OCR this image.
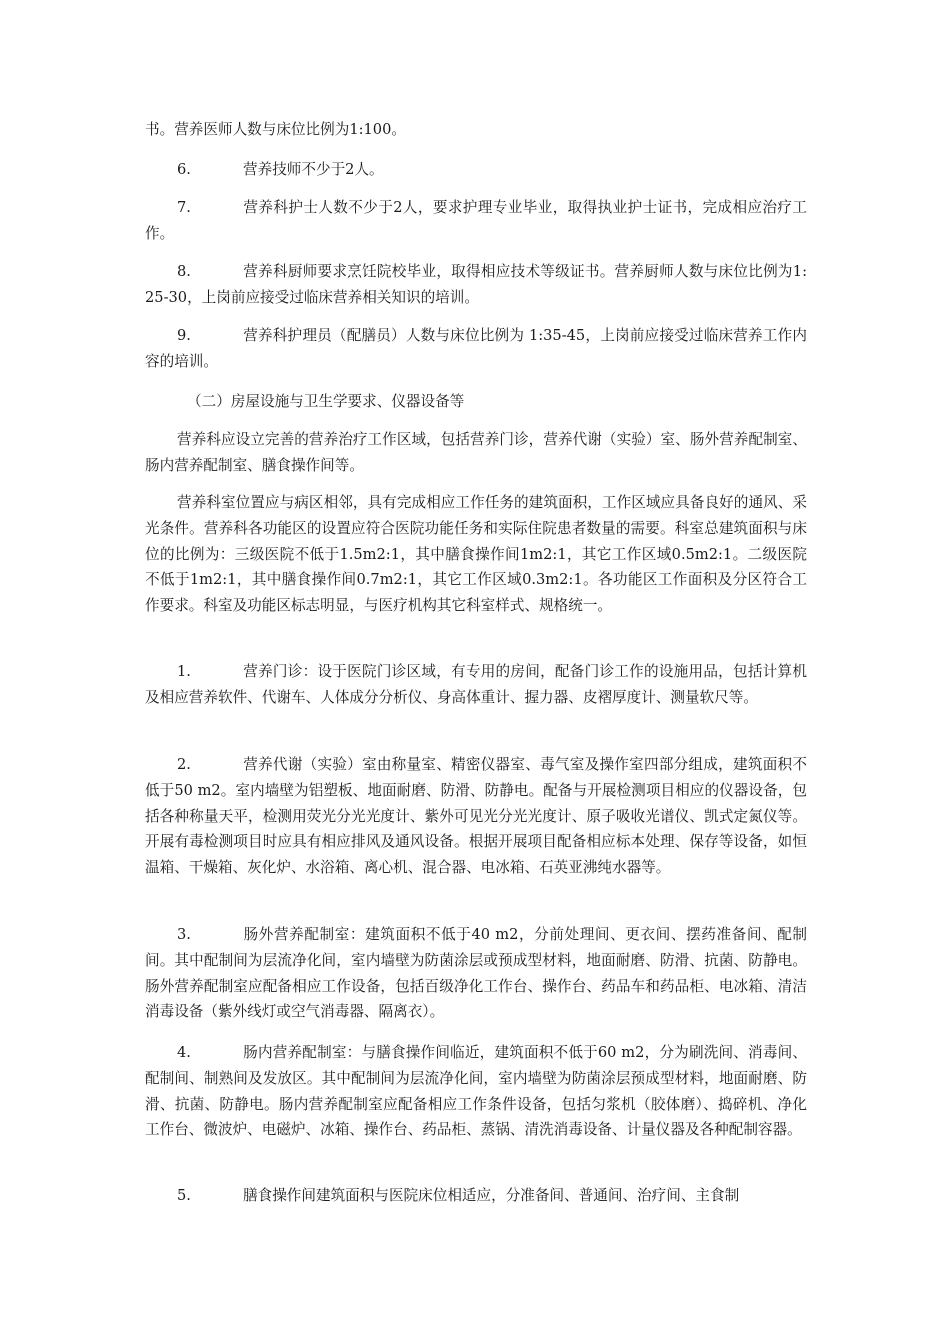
书。营养医师人数与床位比例为1:100。

6.	营养技师不少于2人。

7.	营养科护士人数不少于2人，要求护理专业毕业，取得执业护士证书，完成相应治疗工作。

8.	营养科厨师要求烹饪院校毕业，取得相应技术等级证书。营养厨师人数与床位比例为1: 25-30，上岗前应接受过临床营养相关知识的培训。

9.	营养科护理员（配膳员）人数与床位比例为 1:35-45，上岗前应接受过临床营养工作内容的培训。

（二）房屋设施与卫生学要求、仪器设备等

营养科应设立完善的营养治疗工作区域，包括营养门诊，营养代谢（实验）室、肠外营养配制室、肠内营养配制室、膳食操作间等。

营养科室位置应与病区相邻，具有完成相应工作任务的建筑面积，工作区域应具备良好的通风、采光条件。营养科各功能区的设置应符合医院功能任务和实际住院患者数量的需要。科室总建筑面积与床位的比例为：三级医院不低于1.5m2:1，其中膳食操作间1m2:1，其它工作区域0.5m2:1。二级医院不低于1m2:1，其中膳食操作间0.7m2:1，其它工作区域0.3m2:1。各功能区工作面积及分区符合工作要求。科室及功能区标志明显，与医疗机构其它科室样式、规格统一。

1.	营养门诊：设于医院门诊区域，有专用的房间，配备门诊工作的设施用品，包括计算机及相应营养软件、代谢车、人体成分分析仪、身高体重计、握力器、皮褶厚度计、测量软尺等。

2.	营养代谢（实验）室由称量室、精密仪器室、毒气室及操作室四部分组成，建筑面积不低于50 m2。室内墙壁为铝塑板、地面耐磨、防滑、防静电。配备与开展检测项目相应的仪器设备，包括各种称量天平，检测用荧光分光光度计、紫外可见光分光光度计、原子吸收光谱仪、凯式定氮仪等。开展有毒检测项目时应具有相应排风及通风设备。根据开展项目配备相应标本处理、保存等设备，如恒温箱、干燥箱、灰化炉、水浴箱、离心机、混合器、电冰箱、石英亚沸纯水器等。

3.	肠外营养配制室：建筑面积不低于40 m2，分前处理间、更衣间、摆药准备间、配制间。其中配制间为层流净化间，室内墙壁为防菌涂层或预成型材料，地面耐磨、防滑、抗菌、防静电。肠外营养配制室应配备相应工作设备，包括百级净化工作台、操作台、药品车和药品柜、电冰箱、清洁消毒设备（紫外线灯或空气消毒器、隔离衣）。

4.	肠内营养配制室：与膳食操作间临近，建筑面积不低于60 m2，分为刷洗间、消毒间、配制间、制熟间及发放区。其中配制间为层流净化间，室内墙壁为防菌涂层预成型材料，地面耐磨、防滑、抗菌、防静电。肠内营养配制室应配备相应工作条件设备，包括匀浆机（胶体磨）、捣碎机、净化工作台、微波炉、电磁炉、冰箱、操作台、药品柜、蒸锅、清洗消毒设备、计量仪器及各种配制容器。

5.	膳食操作间建筑面积与医院床位相适应，分准备间、普通间、治疗间、主食制
